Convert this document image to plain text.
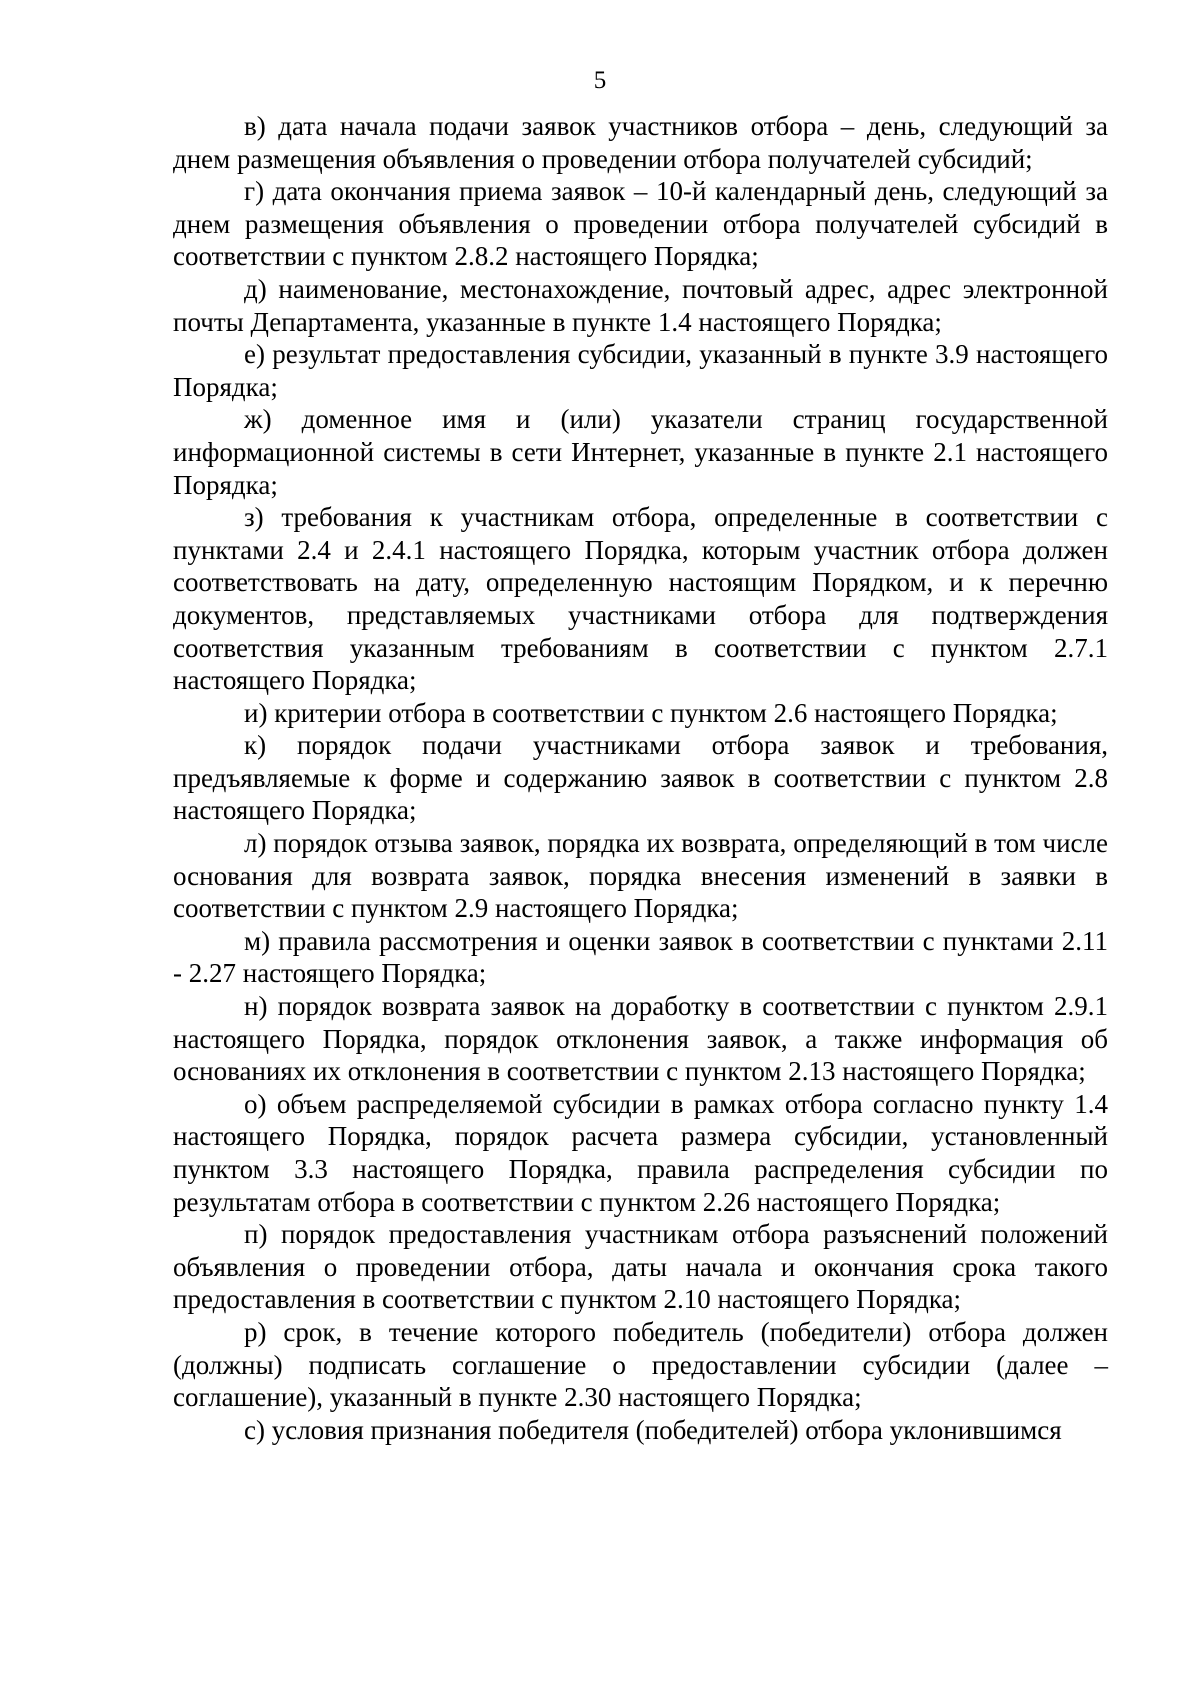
5

в) дата начала подачи заявок участников отбора – день, следующий за днем размещения объявления о проведении отбора получателей субсидий;

г) дата окончания приема заявок – 10-й календарный день, следующий за днем размещения объявления о проведении отбора получателей субсидий в соответствии с пунктом 2.8.2 настоящего Порядка;

д) наименование, местонахождение, почтовый адрес, адрес электронной почты Департамента, указанные в пункте 1.4 настоящего Порядка;

е) результат предоставления субсидии, указанный в пункте 3.9 настоящего Порядка;

ж) доменное имя и (или) указатели страниц государственной информационной системы в сети Интернет, указанные в пункте 2.1 настоящего Порядка;

з) требования к участникам отбора, определенные в соответствии с пунктами 2.4 и 2.4.1 настоящего Порядка, которым участник отбора должен соответствовать на дату, определенную настоящим Порядком, и к перечню документов, представляемых участниками отбора для подтверждения соответствия указанным требованиям в соответствии с пунктом 2.7.1 настоящего Порядка;

и) критерии отбора в соответствии с пунктом 2.6 настоящего Порядка;

к) порядок подачи участниками отбора заявок и требования, предъявляемые к форме и содержанию заявок в соответствии с пунктом 2.8 настоящего Порядка;

л) порядок отзыва заявок, порядка их возврата, определяющий в том числе основания для возврата заявок, порядка внесения изменений в заявки в соответствии с пунктом 2.9 настоящего Порядка;

м) правила рассмотрения и оценки заявок в соответствии с пунктами 2.11 - 2.27 настоящего Порядка;

н) порядок возврата заявок на доработку в соответствии с пунктом 2.9.1 настоящего Порядка, порядок отклонения заявок, а также информация об основаниях их отклонения в соответствии с пунктом 2.13 настоящего Порядка;

о) объем распределяемой субсидии в рамках отбора согласно пункту 1.4 настоящего Порядка, порядок расчета размера субсидии, установленный пунктом 3.3 настоящего Порядка, правила распределения субсидии по результатам отбора в соответствии с пунктом 2.26 настоящего Порядка;

п) порядок предоставления участникам отбора разъяснений положений объявления о проведении отбора, даты начала и окончания срока такого предоставления в соответствии с пунктом 2.10 настоящего Порядка;

р) срок, в течение которого победитель (победители) отбора должен (должны) подписать соглашение о предоставлении субсидии (далее – соглашение), указанный в пункте 2.30 настоящего Порядка;

с) условия признания победителя (победителей) отбора уклонившимся
